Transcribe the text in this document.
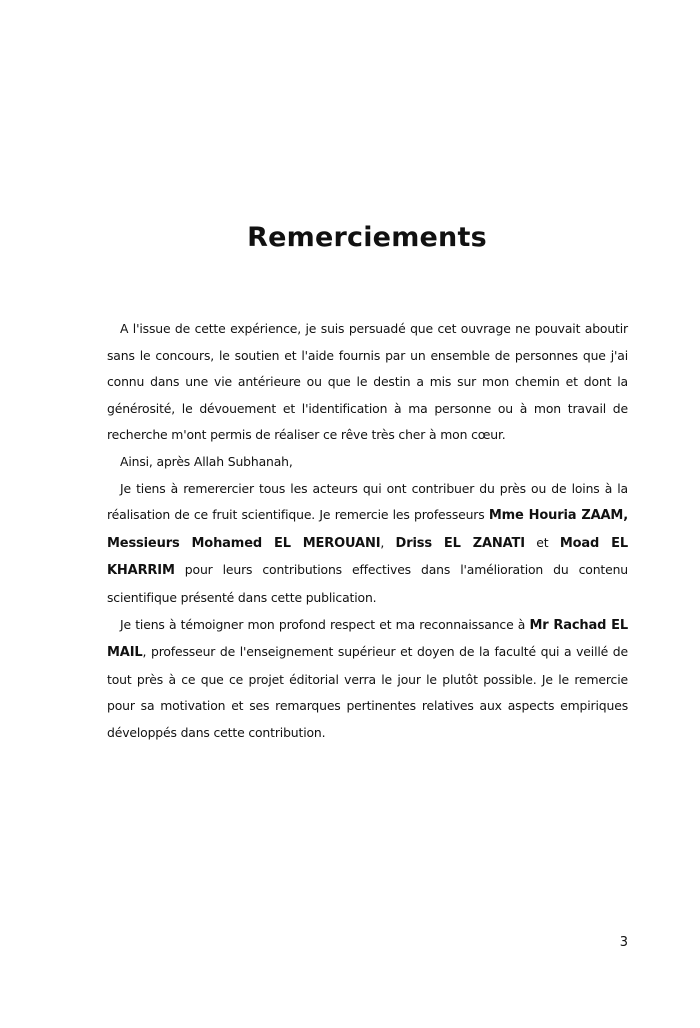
Remerciements

A l'issue de cette expérience, je suis persuadé que cet ouvrage ne pouvait aboutir sans le concours, le soutien et l'aide fournis par un ensemble de personnes que j'ai connu dans une vie antérieure ou que le destin a mis sur mon chemin et dont la générosité, le dévouement et l'identification à ma personne ou à mon travail de recherche m'ont permis de réaliser ce rêve très cher à mon cœur.

Ainsi, après Allah Subhanah,

Je tiens à remerercier tous les acteurs qui ont contribuer du près ou de loins à la réalisation de ce fruit scientifique. Je remercie les professeurs Mme Houria ZAAM, Messieurs Mohamed EL MEROUANI, Driss EL ZANATI et Moad EL KHARRIM pour leurs contributions effectives dans l'amélioration du contenu scientifique présenté dans cette publication.

Je tiens à témoigner mon profond respect et ma reconnaissance à Mr Rachad EL MAIL, professeur de l'enseignement supérieur et doyen de la faculté qui a veillé de tout près à ce que ce projet éditorial verra le jour le plutôt possible. Je le remercie pour sa motivation et ses remarques pertinentes relatives aux aspects empiriques développés dans cette contribution.

3
